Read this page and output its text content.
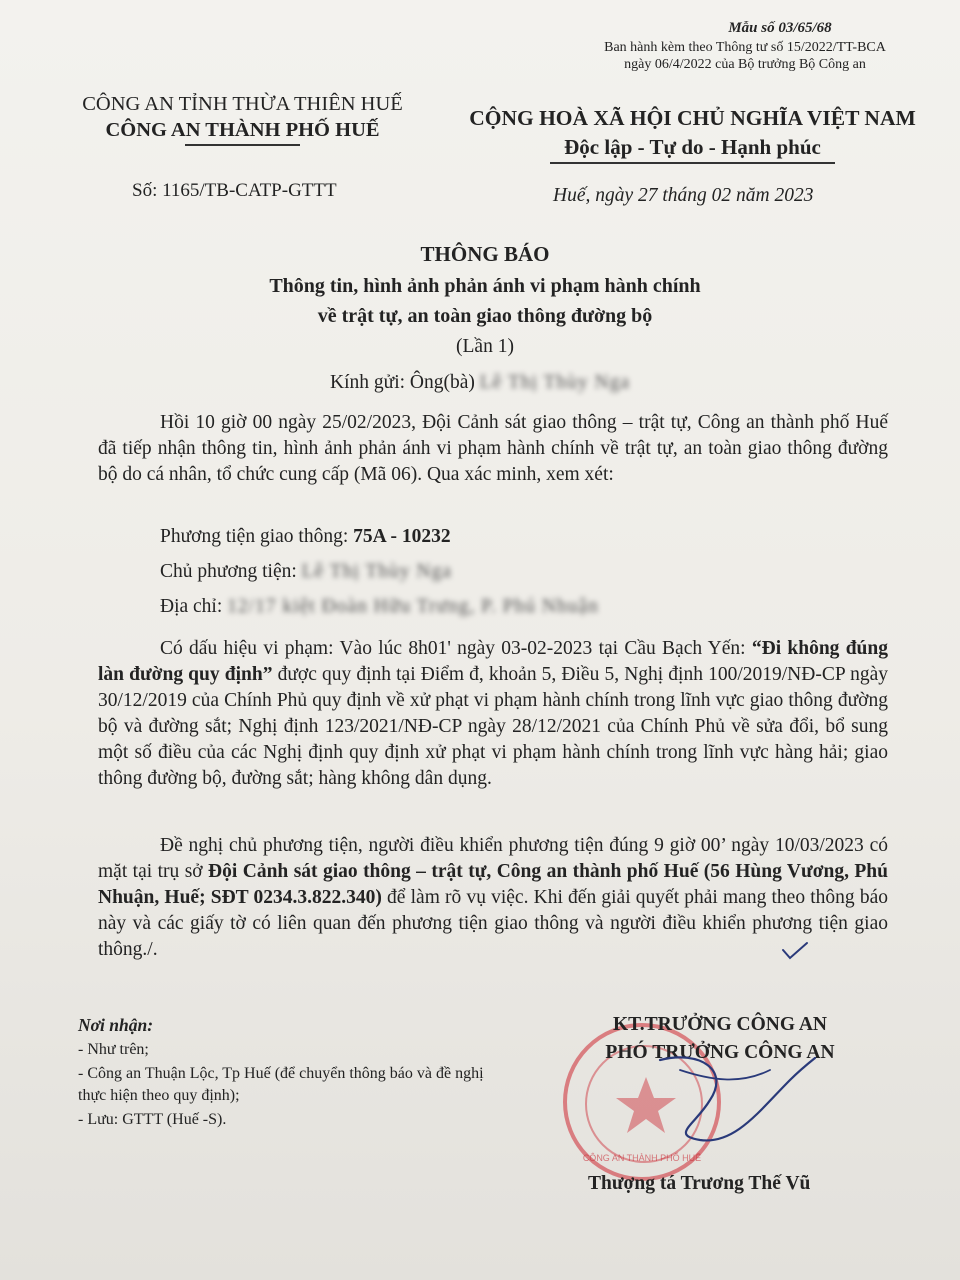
Mẫu số 03/65/68
Ban hành kèm theo Thông tư số 15/2022/TT-BCA
ngày 06/4/2022 của Bộ trưởng Bộ Công an
CÔNG AN TỈNH THỪA THIÊN HUẾ
CÔNG AN THÀNH PHỐ HUẾ
Số: 1165/TB-CATP-GTTT
CỘNG HOÀ XÃ HỘI CHỦ NGHĨA VIỆT NAM
Độc lập - Tự do - Hạnh phúc
Huế, ngày 27 tháng 02 năm 2023
THÔNG BÁO
Thông tin, hình ảnh phản ánh vi phạm hành chính
về trật tự, an toàn giao thông đường bộ
(Lần 1)
Kính gửi: Ông(bà) Lê Thị Thùy Nga

Hồi 10 giờ 00 ngày 25/02/2023, Đội Cảnh sát giao thông – trật tự, Công an thành phố Huế đã tiếp nhận thông tin, hình ảnh phản ánh vi phạm hành chính về trật tự, an toàn giao thông đường bộ do cá nhân, tổ chức cung cấp (Mã 06). Qua xác minh, xem xét:

Phương tiện giao thông: 75A - 10232
Chủ phương tiện: Lê Thị Thùy Nga
Địa chỉ: 12/17 kiệt Đoàn Hữu Trưng, P. Phú Nhuận

Có dấu hiệu vi phạm: Vào lúc 8h01' ngày 03-02-2023 tại Cầu Bạch Yến: “Đi không đúng làn đường quy định” được quy định tại Điểm đ, khoản 5, Điều 5, Nghị định 100/2019/NĐ-CP ngày 30/12/2019 của Chính Phủ quy định về xử phạt vi phạm hành chính trong lĩnh vực giao thông đường bộ và đường sắt; Nghị định 123/2021/NĐ-CP ngày 28/12/2021 của Chính Phủ về sửa đổi, bổ sung một số điều của các Nghị định quy định xử phạt vi phạm hành chính trong lĩnh vực hàng hải; giao thông đường bộ, đường sắt; hàng không dân dụng.

Đề nghị chủ phương tiện, người điều khiển phương tiện đúng 9 giờ 00’ ngày 10/03/2023 có mặt tại trụ sở Đội Cảnh sát giao thông – trật tự, Công an thành phố Huế (56 Hùng Vương, Phú Nhuận, Huế; SĐT 0234.3.822.340) để làm rõ vụ việc. Khi đến giải quyết phải mang theo thông báo này và các giấy tờ có liên quan đến phương tiện giao thông và người điều khiển phương tiện giao thông./.

Nơi nhận:
- Như trên;
- Công an Thuận Lộc, Tp Huế (để chuyển thông báo và đề nghị thực hiện theo quy định);
- Lưu: GTTT (Huế -S).
CÔNG AN THÀNH PHỐ HUẾ
KT.TRƯỞNG CÔNG AN
PHÓ TRƯỞNG CÔNG AN
Thượng tá Trương Thế Vũ
